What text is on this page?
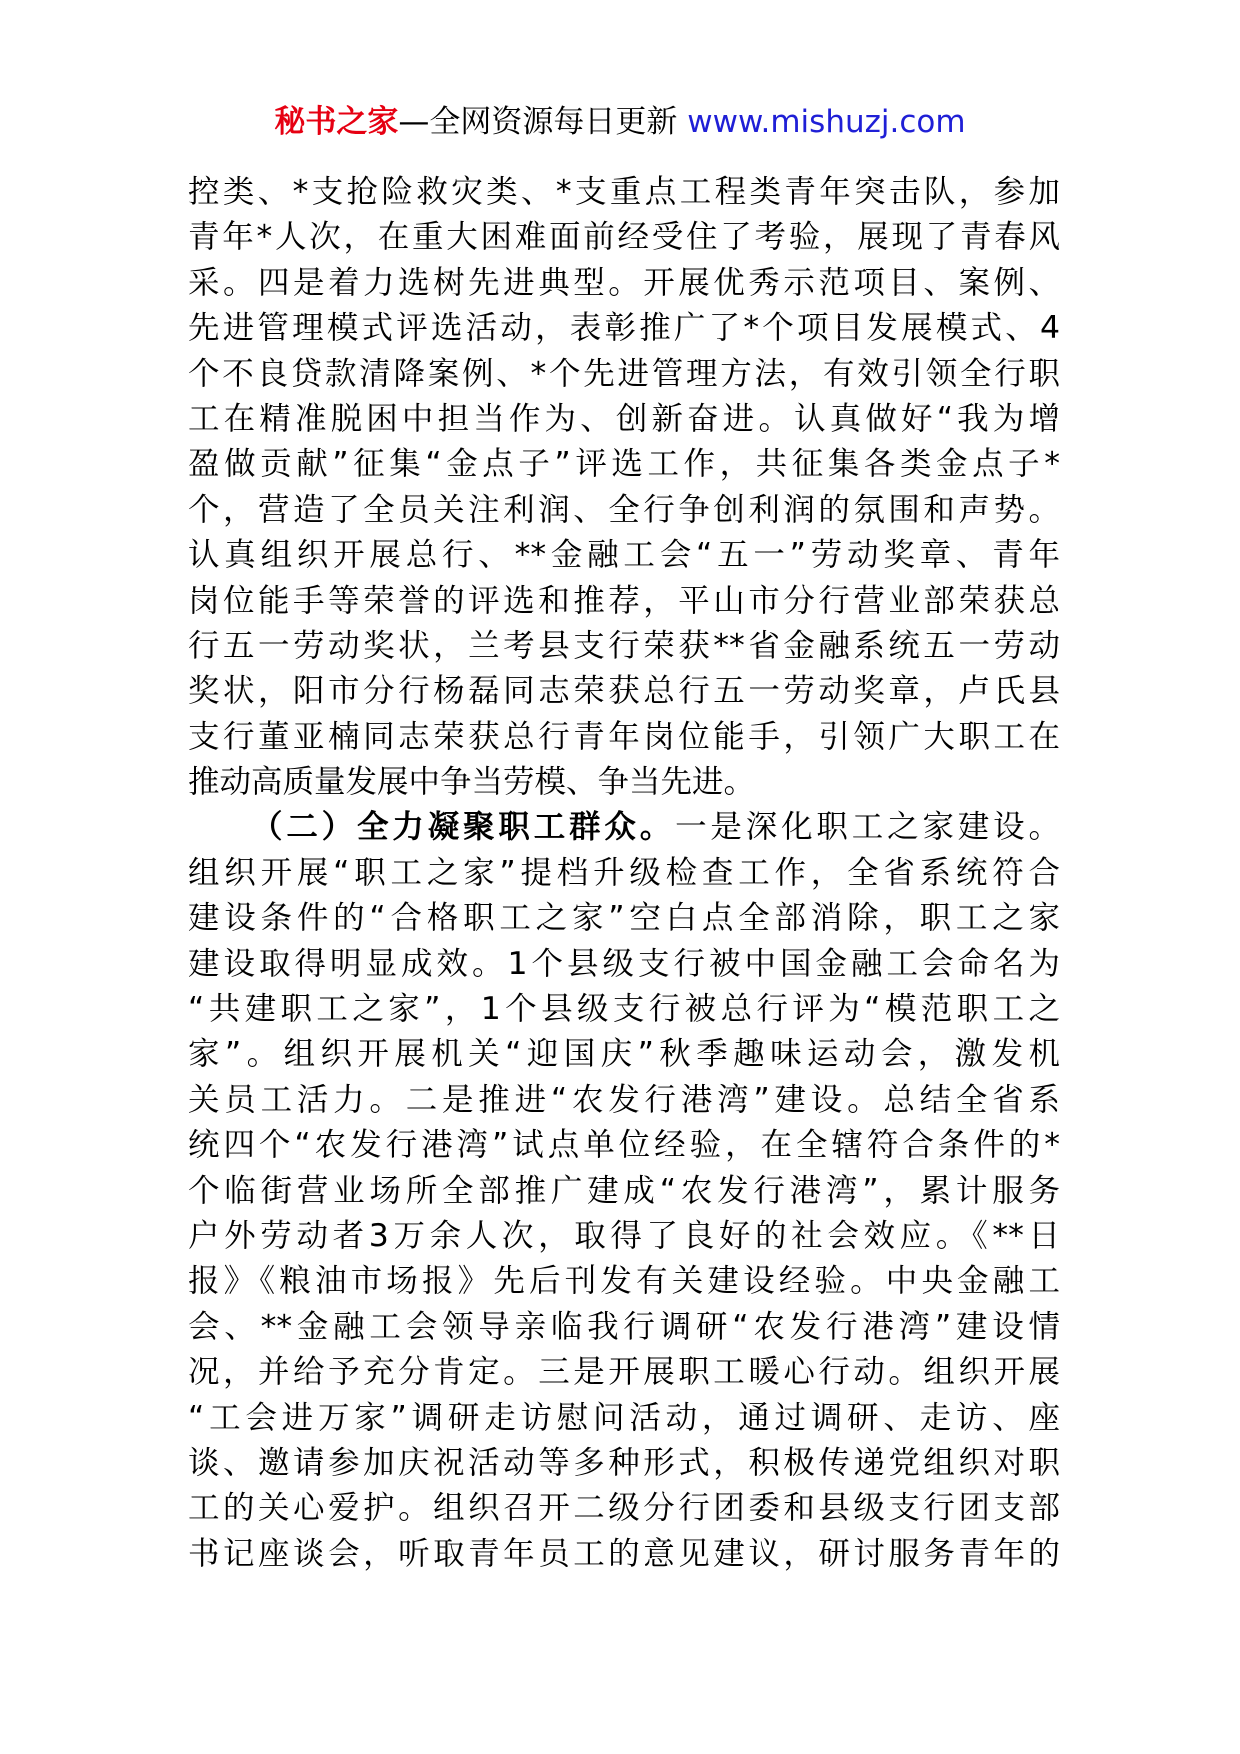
秘书之家—全网资源每日更新 www.mishuzj.com
控类、*支抢险救灾类、*支重点工程类青年突击队，参加
青年*人次，在重大困难面前经受住了考验，展现了青春风
采。四是着力选树先进典型。开展优秀示范项目、案例、
先进管理模式评选活动，表彰推广了*个项目发展模式、4
个不良贷款清降案例、*个先进管理方法，有效引领全行职
工在精准脱困中担当作为、创新奋进。认真做好“我为增
盈做贡献”征集“金点子”评选工作，共征集各类金点子*
个，营造了全员关注利润、全行争创利润的氛围和声势。
认真组织开展总行、**金融工会“五一”劳动奖章、青年
岗位能手等荣誉的评选和推荐，平山市分行营业部荣获总
行五一劳动奖状，兰考县支行荣获**省金融系统五一劳动
奖状，阳市分行杨磊同志荣获总行五一劳动奖章，卢氏县
支行董亚楠同志荣获总行青年岗位能手，引领广大职工在
推动高质量发展中争当劳模、争当先进。
（二）全力凝聚职工群众。一是深化职工之家建设。
组织开展“职工之家”提档升级检查工作，全省系统符合
建设条件的“合格职工之家”空白点全部消除，职工之家
建设取得明显成效。1个县级支行被中国金融工会命名为
“共建职工之家”，1个县级支行被总行评为“模范职工之
家”。组织开展机关“迎国庆”秋季趣味运动会，激发机
关员工活力。二是推进“农发行港湾”建设。总结全省系
统四个“农发行港湾”试点单位经验，在全辖符合条件的*
个临街营业场所全部推广建成“农发行港湾”，累计服务
户外劳动者3万余人次，取得了良好的社会效应。《**日
报》《粮油市场报》先后刊发有关建设经验。中央金融工
会、**金融工会领导亲临我行调研“农发行港湾”建设情
况，并给予充分肯定。三是开展职工暖心行动。组织开展
“工会进万家”调研走访慰问活动，通过调研、走访、座
谈、邀请参加庆祝活动等多种形式，积极传递党组织对职
工的关心爱护。组织召开二级分行团委和县级支行团支部
书记座谈会，听取青年员工的意见建议，研讨服务青年的
